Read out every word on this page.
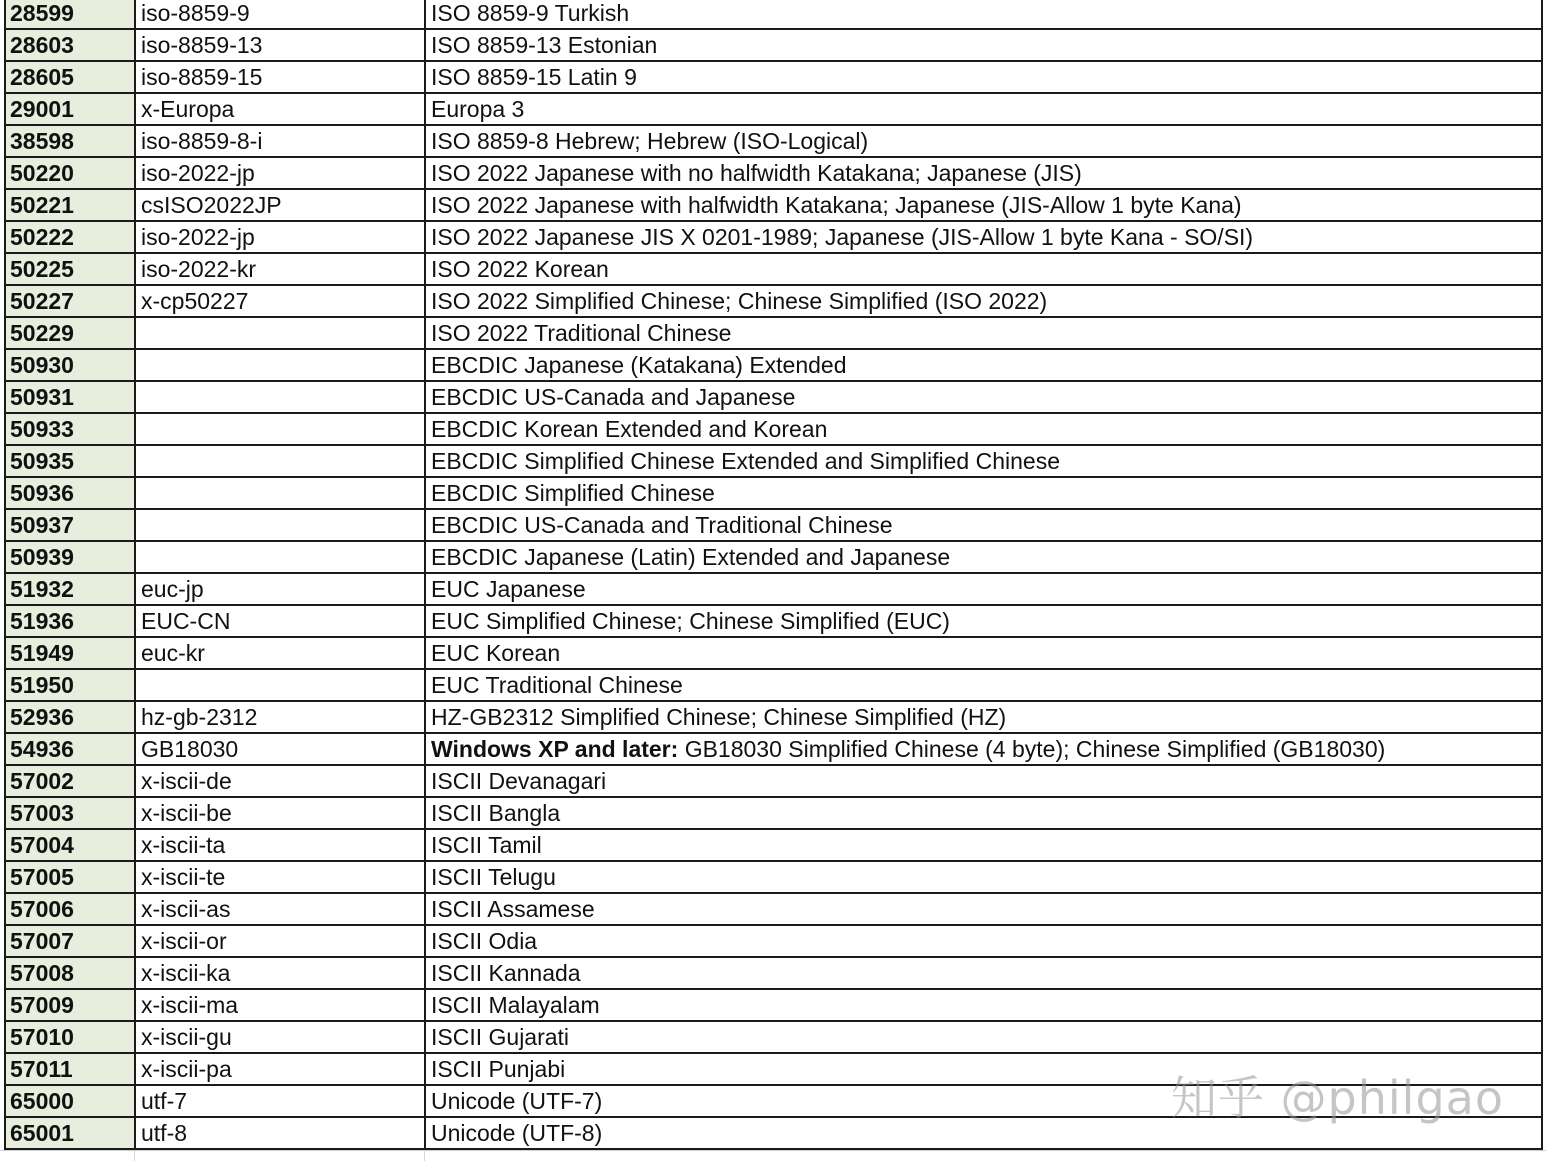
28599	iso-8859-9	ISO 8859-9 Turkish
28603	iso-8859-13	ISO 8859-13 Estonian
28605	iso-8859-15	ISO 8859-15 Latin 9
29001	x-Europa	Europa 3
38598	iso-8859-8-i	ISO 8859-8 Hebrew; Hebrew (ISO-Logical)
50220	iso-2022-jp	ISO 2022 Japanese with no halfwidth Katakana; Japanese (JIS)
50221	csISO2022JP	ISO 2022 Japanese with halfwidth Katakana; Japanese (JIS-Allow 1 byte Kana)
50222	iso-2022-jp	ISO 2022 Japanese JIS X 0201-1989; Japanese (JIS-Allow 1 byte Kana - SO/SI)
50225	iso-2022-kr	ISO 2022 Korean
50227	x-cp50227	ISO 2022 Simplified Chinese; Chinese Simplified (ISO 2022)
50229		ISO 2022 Traditional Chinese
50930		EBCDIC Japanese (Katakana) Extended
50931		EBCDIC US-Canada and Japanese
50933		EBCDIC Korean Extended and Korean
50935		EBCDIC Simplified Chinese Extended and Simplified Chinese
50936		EBCDIC Simplified Chinese
50937		EBCDIC US-Canada and Traditional Chinese
50939		EBCDIC Japanese (Latin) Extended and Japanese
51932	euc-jp	EUC Japanese
51936	EUC-CN	EUC Simplified Chinese; Chinese Simplified (EUC)
51949	euc-kr	EUC Korean
51950		EUC Traditional Chinese
52936	hz-gb-2312	HZ-GB2312 Simplified Chinese; Chinese Simplified (HZ)
54936	GB18030	Windows XP and later: GB18030 Simplified Chinese (4 byte); Chinese Simplified (GB18030)
57002	x-iscii-de	ISCII Devanagari
57003	x-iscii-be	ISCII Bangla
57004	x-iscii-ta	ISCII Tamil
57005	x-iscii-te	ISCII Telugu
57006	x-iscii-as	ISCII Assamese
57007	x-iscii-or	ISCII Odia
57008	x-iscii-ka	ISCII Kannada
57009	x-iscii-ma	ISCII Malayalam
57010	x-iscii-gu	ISCII Gujarati
57011	x-iscii-pa	ISCII Punjabi
65000	utf-7	Unicode (UTF-7)
65001	utf-8	Unicode (UTF-8)
知乎 @philgao
